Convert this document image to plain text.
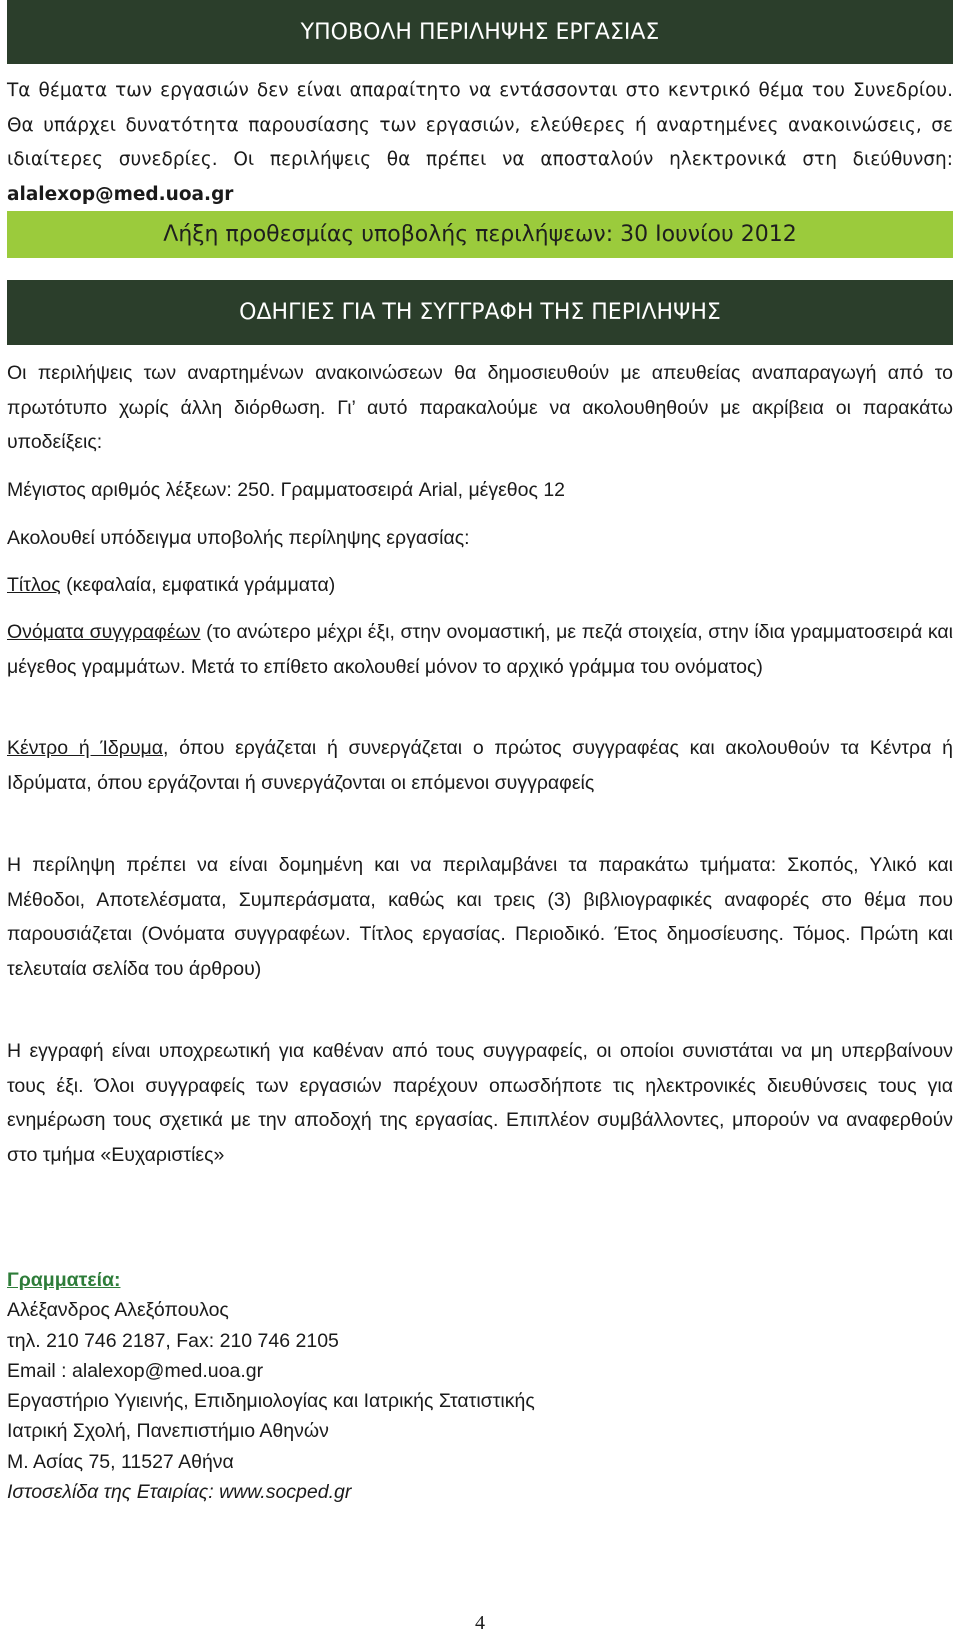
ΥΠΟΒΟΛΗ ΠΕΡΙΛΗΨΗΣ ΕΡΓΑΣΙΑΣ

Τα θέματα των εργασιών δεν είναι απαραίτητο να εντάσσονται στο κεντρικό θέμα του Συνεδρίου. Θα υπάρχει δυνατότητα παρουσίασης των εργασιών, ελεύθερες ή αναρτημένες ανακοινώσεις, σε ιδιαίτερες συνεδρίες. Οι περιλήψεις θα πρέπει να αποσταλούν ηλεκτρονικά στη διεύθυνση: alalexop@med.uoa.gr

Λήξη προθεσμίας υποβολής περιλήψεων: 30 Ιουνίου 2012
ΟΔΗΓΙΕΣ ΓΙΑ ΤΗ ΣΥΓΓΡΑΦΗ ΤΗΣ ΠΕΡΙΛΗΨΗΣ

Οι περιλήψεις των αναρτημένων ανακοινώσεων θα δημοσιευθούν με απευθείας αναπαραγωγή από το πρωτότυπο χωρίς άλλη διόρθωση. Γι’ αυτό παρακαλούμε να ακολουθηθούν με ακρίβεια οι παρακάτω υποδείξεις:

Μέγιστος αριθμός λέξεων: 250. Γραμματοσειρά Arial, μέγεθος 12

Ακολουθεί υπόδειγμα υποβολής περίληψης εργασίας:

Τίτλος (κεφαλαία, εμφατικά γράμματα)

Ονόματα συγγραφέων (το ανώτερο μέχρι έξι, στην ονομαστική, με πεζά στοιχεία, στην ίδια γραμματοσειρά και μέγεθος γραμμάτων. Μετά το επίθετο ακολουθεί μόνον το αρχικό γράμμα του ονόματος)

Κέντρο ή Ίδρυμα, όπου εργάζεται ή συνεργάζεται ο πρώτος συγγραφέας και ακολουθούν τα Κέντρα ή Ιδρύματα, όπου εργάζονται ή συνεργάζονται οι επόμενοι συγγραφείς

Η περίληψη πρέπει να είναι δομημένη και να περιλαμβάνει τα παρακάτω τμήματα: Σκοπός, Υλικό και Μέθοδοι, Αποτελέσματα, Συμπεράσματα, καθώς και τρεις (3) βιβλιογραφικές αναφορές στο θέμα που παρουσιάζεται (Ονόματα συγγραφέων. Τίτλος εργασίας. Περιοδικό. Έτος δημοσίευσης. Τόμος. Πρώτη και τελευταία σελίδα του άρθρου)

Η εγγραφή είναι υποχρεωτική για καθέναν από τους συγγραφείς, οι οποίοι συνιστάται να μη υπερβαίνουν τους έξι. Όλοι συγγραφείς των εργασιών παρέχουν οπωσδήποτε τις ηλεκτρονικές διευθύνσεις τους για ενημέρωση τους σχετικά με την αποδοχή της εργασίας. Επιπλέον συμβάλλοντες, μπορούν να αναφερθούν στο τμήμα «Ευχαριστίες»

Γραμματεία:
Αλέξανδρος Αλεξόπουλος
τηλ. 210 746 2187, Fax: 210 746 2105
Email : alalexop@med.uoa.gr
Εργαστήριο Υγιεινής, Επιδημιολογίας και Ιατρικής Στατιστικής
Ιατρική Σχολή, Πανεπιστήμιο Αθηνών
Μ. Ασίας 75, 11527 Αθήνα
Ιστοσελίδα της Εταιρίας: www.socped.gr
4
